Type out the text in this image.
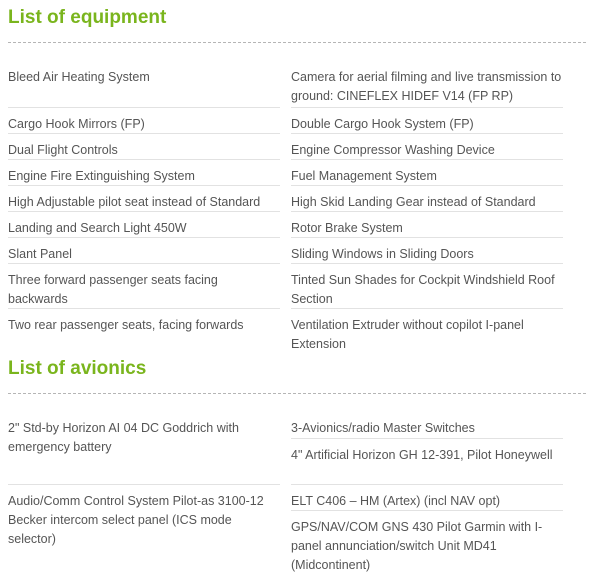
List of equipment
Bleed Air Heating System
Cargo Hook Mirrors (FP)
Dual Flight Controls
Engine Fire Extinguishing System
High Adjustable pilot seat instead of Standard
Landing and Search Light 450W
Slant Panel
Three forward passenger seats facing backwards
Two rear passenger seats, facing forwards
Camera for aerial filming and live transmission to ground: CINEFLEX HIDEF V14 (FP RP)
Double Cargo Hook System (FP)
Engine Compressor Washing Device
Fuel Management System
High Skid Landing Gear instead of Standard
Rotor Brake System
Sliding Windows in Sliding Doors
Tinted Sun Shades for Cockpit Windshield Roof Section
Ventilation Extruder without copilot I-panel Extension
List of avionics
2" Std-by Horizon AI 04 DC Goddrich with emergency battery
Audio/Comm Control System Pilot-as 3100-12 Becker intercom select panel (ICS mode selector)
3-Avionics/radio Master Switches
4" Artificial Horizon GH 12-391, Pilot Honeywell
ELT C406 – HM (Artex) (incl NAV opt)
GPS/NAV/COM GNS 430 Pilot Garmin with I-panel annunciation/switch Unit MD41 (Midcontinent)
